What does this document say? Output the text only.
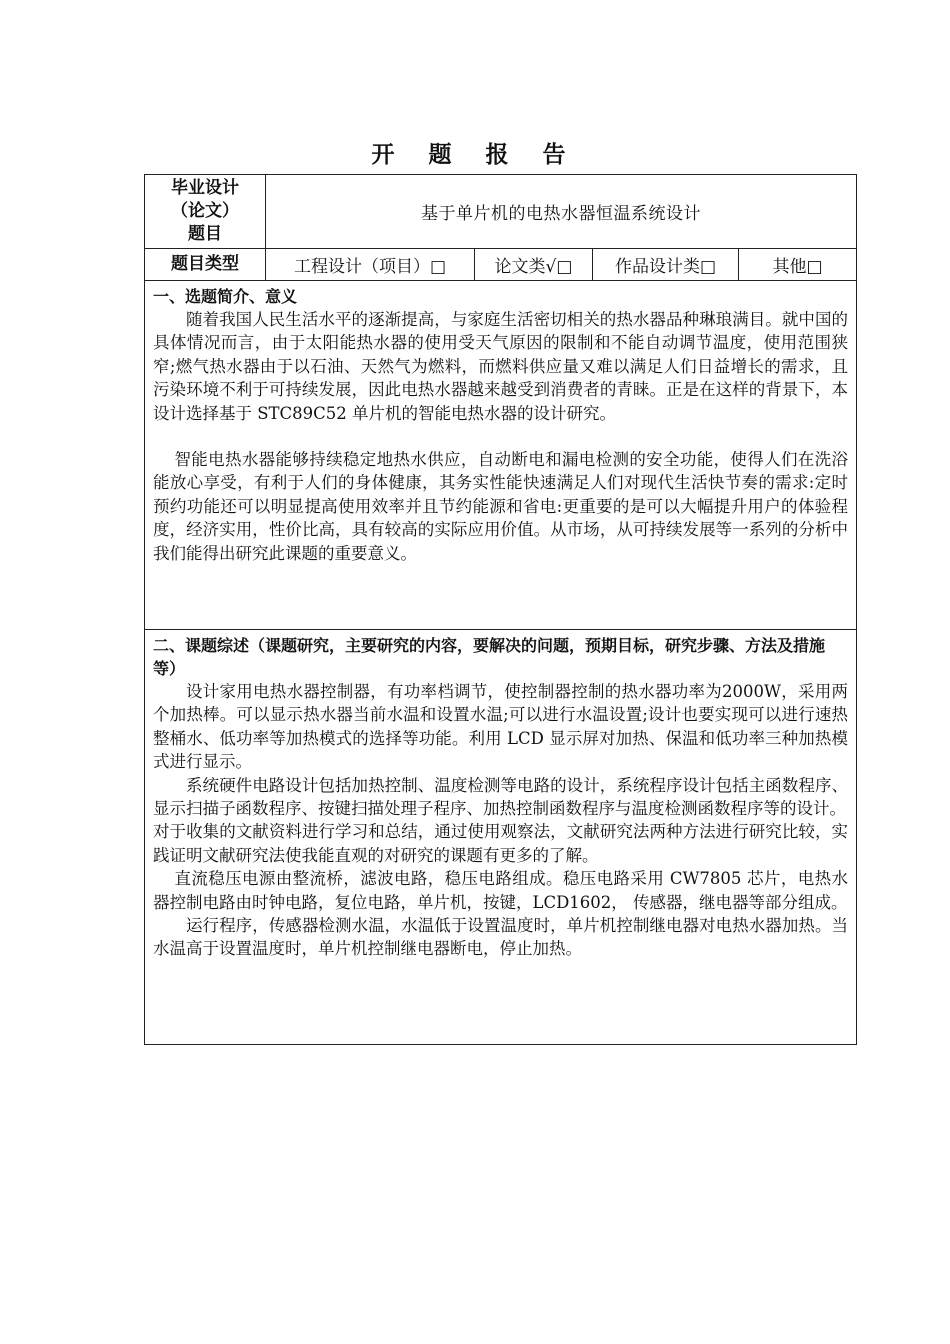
开 题 报 告
毕业设计（论文）题目
基于单片机的电热水器恒温系统设计
题目类型	工程设计（项目）□	论文类√□	作品设计类□	其他□

一、选题简介、意义

随着我国人民生活水平的逐渐提高，与家庭生活密切相关的热水器品种琳琅满目。就中国的具体情况而言，由于太阳能热水器的使用受天气原因的限制和不能自动调节温度，使用范围狭窄;燃气热水器由于以石油、天然气为燃料，而燃料供应量又难以满足人们日益增长的需求，且污染环境不利于可持续发展，因此电热水器越来越受到消费者的青睐。正是在这样的背景下，本设计选择基于 STC89C52 单片机的智能电热水器的设计研究。

智能电热水器能够持续稳定地热水供应，自动断电和漏电检测的安全功能，使得人们在洗浴能放心享受，有利于人们的身体健康，其务实性能快速满足人们对现代生活快节奏的需求:定时预约功能还可以明显提高使用效率并且节约能源和省电:更重要的是可以大幅提升用户的体验程度，经济实用，性价比高，具有较高的实际应用价值。从市场，从可持续发展等一系列的分析中我们能得出研究此课题的重要意义。

二、课题综述（课题研究，主要研究的内容，要解决的问题，预期目标，研究步骤、方法及措施等）

设计家用电热水器控制器，有功率档调节，使控制器控制的热水器功率为2000W，采用两个加热棒。可以显示热水器当前水温和设置水温;可以进行水温设置;设计也要实现可以进行速热整桶水、低功率等加热模式的选择等功能。利用 LCD 显示屏对加热、保温和低功率三种加热模式进行显示。

系统硬件电路设计包括加热控制、温度检测等电路的设计，系统程序设计包括主函数程序、显示扫描子函数程序、按键扫描处理子程序、加热控制函数程序与温度检测函数程序等的设计。

对于收集的文献资料进行学习和总结，通过使用观察法，文献研究法两种方法进行研究比较，实践证明文献研究法使我能直观的对研究的课题有更多的了解。

直流稳压电源由整流桥，滤波电路，稳压电路组成。稳压电路采用 CW7805 芯片，电热水器控制电路由时钟电路，复位电路，单片机，按键，LCD1602， 传感器，继电器等部分组成。

运行程序，传感器检测水温，水温低于设置温度时，单片机控制继电器对电热水器加热。当水温高于设置温度时，单片机控制继电器断电，停止加热。
